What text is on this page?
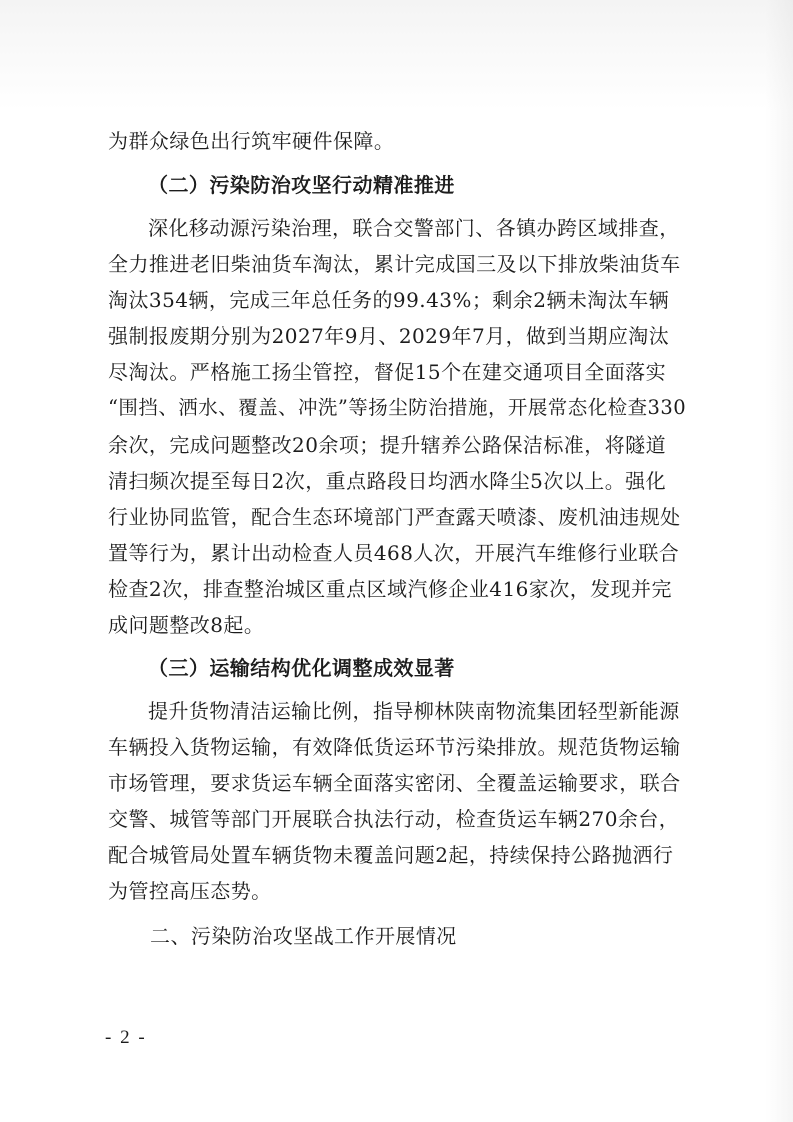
为群众绿色出行筑牢硬件保障。

（二）污染防治攻坚行动精准推进

深化移动源污染治理，联合交警部门、各镇办跨区域排查，

全力推进老旧柴油货车淘汰，累计完成国三及以下排放柴油货车

淘汰354辆，完成三年总任务的99.43%；剩余2辆未淘汰车辆

强制报废期分别为2027年9月、2029年7月，做到当期应淘汰

尽淘汰。严格施工扬尘管控，督促15个在建交通项目全面落实

“围挡、洒水、覆盖、冲洗”等扬尘防治措施，开展常态化检查330

余次，完成问题整改20余项；提升辖养公路保洁标准，将隧道

清扫频次提至每日2次，重点路段日均洒水降尘5次以上。强化

行业协同监管，配合生态环境部门严查露天喷漆、废机油违规处

置等行为，累计出动检查人员468人次，开展汽车维修行业联合

检查2次，排查整治城区重点区域汽修企业416家次，发现并完

成问题整改8起。

（三）运输结构优化调整成效显著

提升货物清洁运输比例，指导柳林陕南物流集团轻型新能源

车辆投入货物运输，有效降低货运环节污染排放。规范货物运输

市场管理，要求货运车辆全面落实密闭、全覆盖运输要求，联合

交警、城管等部门开展联合执法行动，检查货运车辆270余台，

配合城管局处置车辆货物未覆盖问题2起，持续保持公路抛洒行

为管控高压态势。

二、污染防治攻坚战工作开展情况

- 2 -
